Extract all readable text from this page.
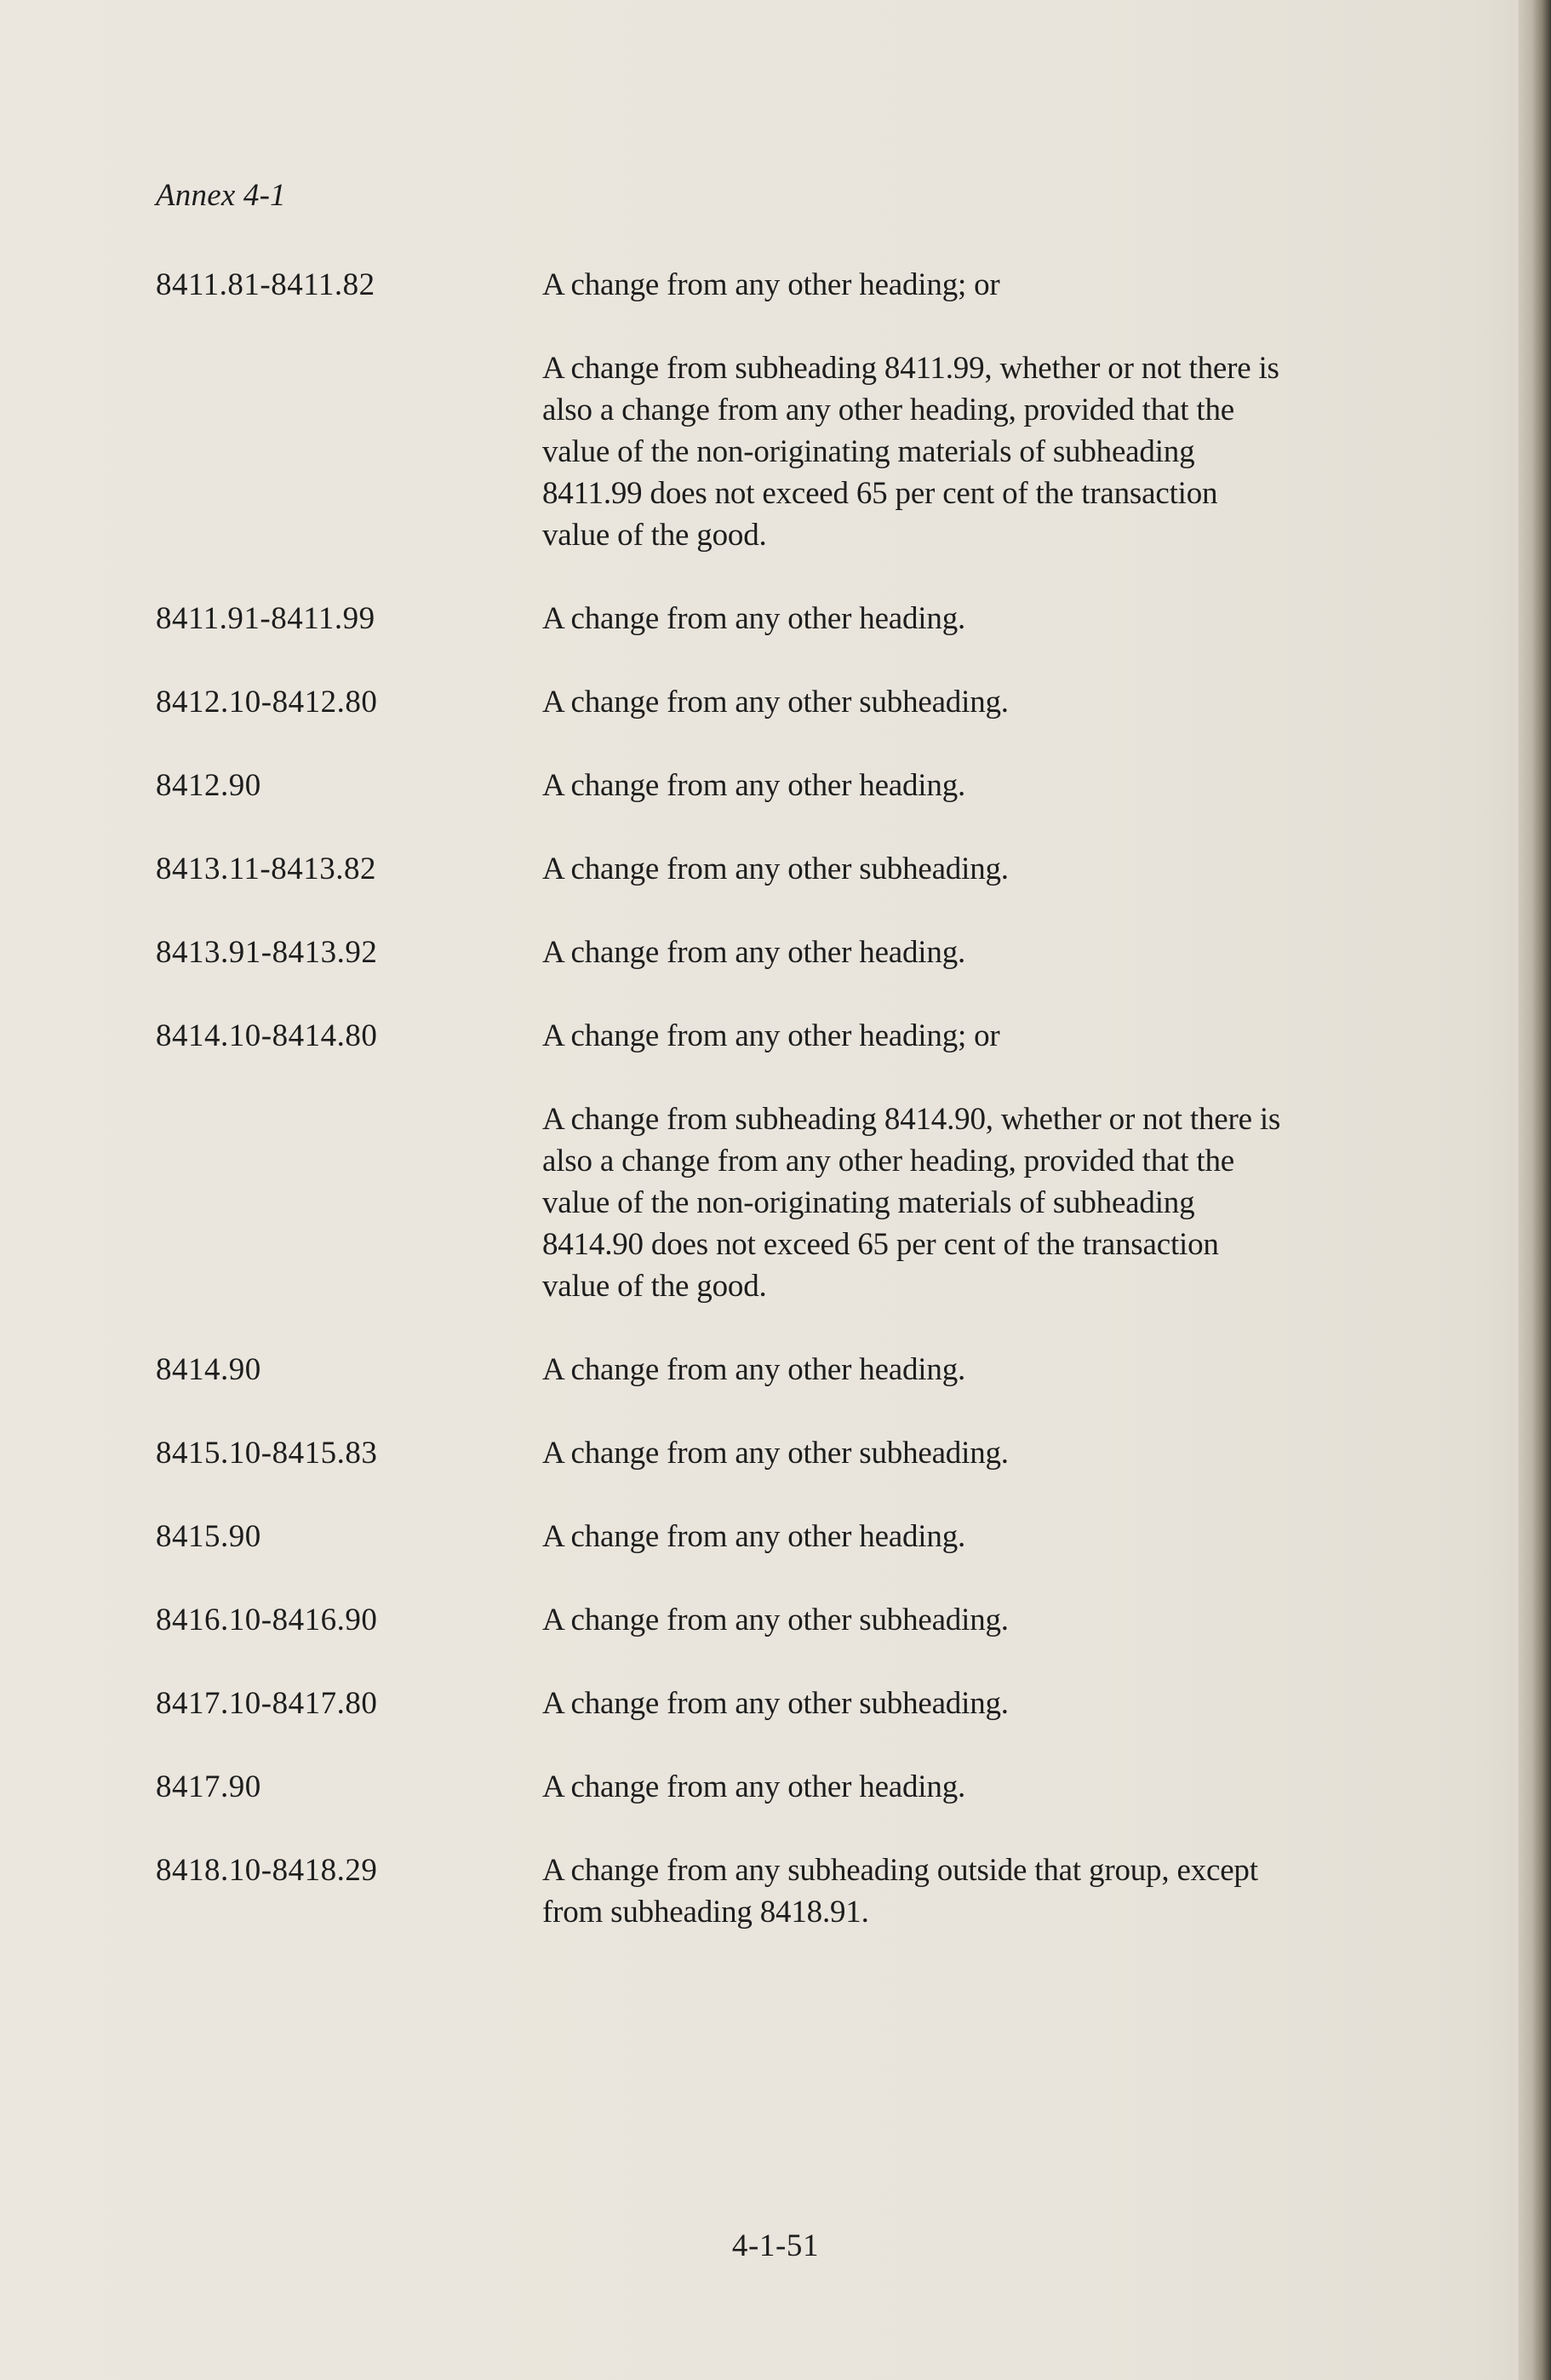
Annex 4-1
8411.81-8411.82	A change from any other heading; or
A change from subheading 8411.99, whether or not there is also a change from any other heading, provided that the value of the non-originating materials of subheading 8411.99 does not exceed 65 per cent of the transaction value of the good.
8411.91-8411.99	A change from any other heading.
8412.10-8412.80	A change from any other subheading.
8412.90	A change from any other heading.
8413.11-8413.82	A change from any other subheading.
8413.91-8413.92	A change from any other heading.
8414.10-8414.80	A change from any other heading; or
A change from subheading 8414.90, whether or not there is also a change from any other heading, provided that the value of the non-originating materials of subheading 8414.90 does not exceed 65 per cent of the transaction value of the good.
8414.90	A change from any other heading.
8415.10-8415.83	A change from any other subheading.
8415.90	A change from any other heading.
8416.10-8416.90	A change from any other subheading.
8417.10-8417.80	A change from any other subheading.
8417.90	A change from any other heading.
8418.10-8418.29	A change from any subheading outside that group, except from subheading 8418.91.
4-1-51
